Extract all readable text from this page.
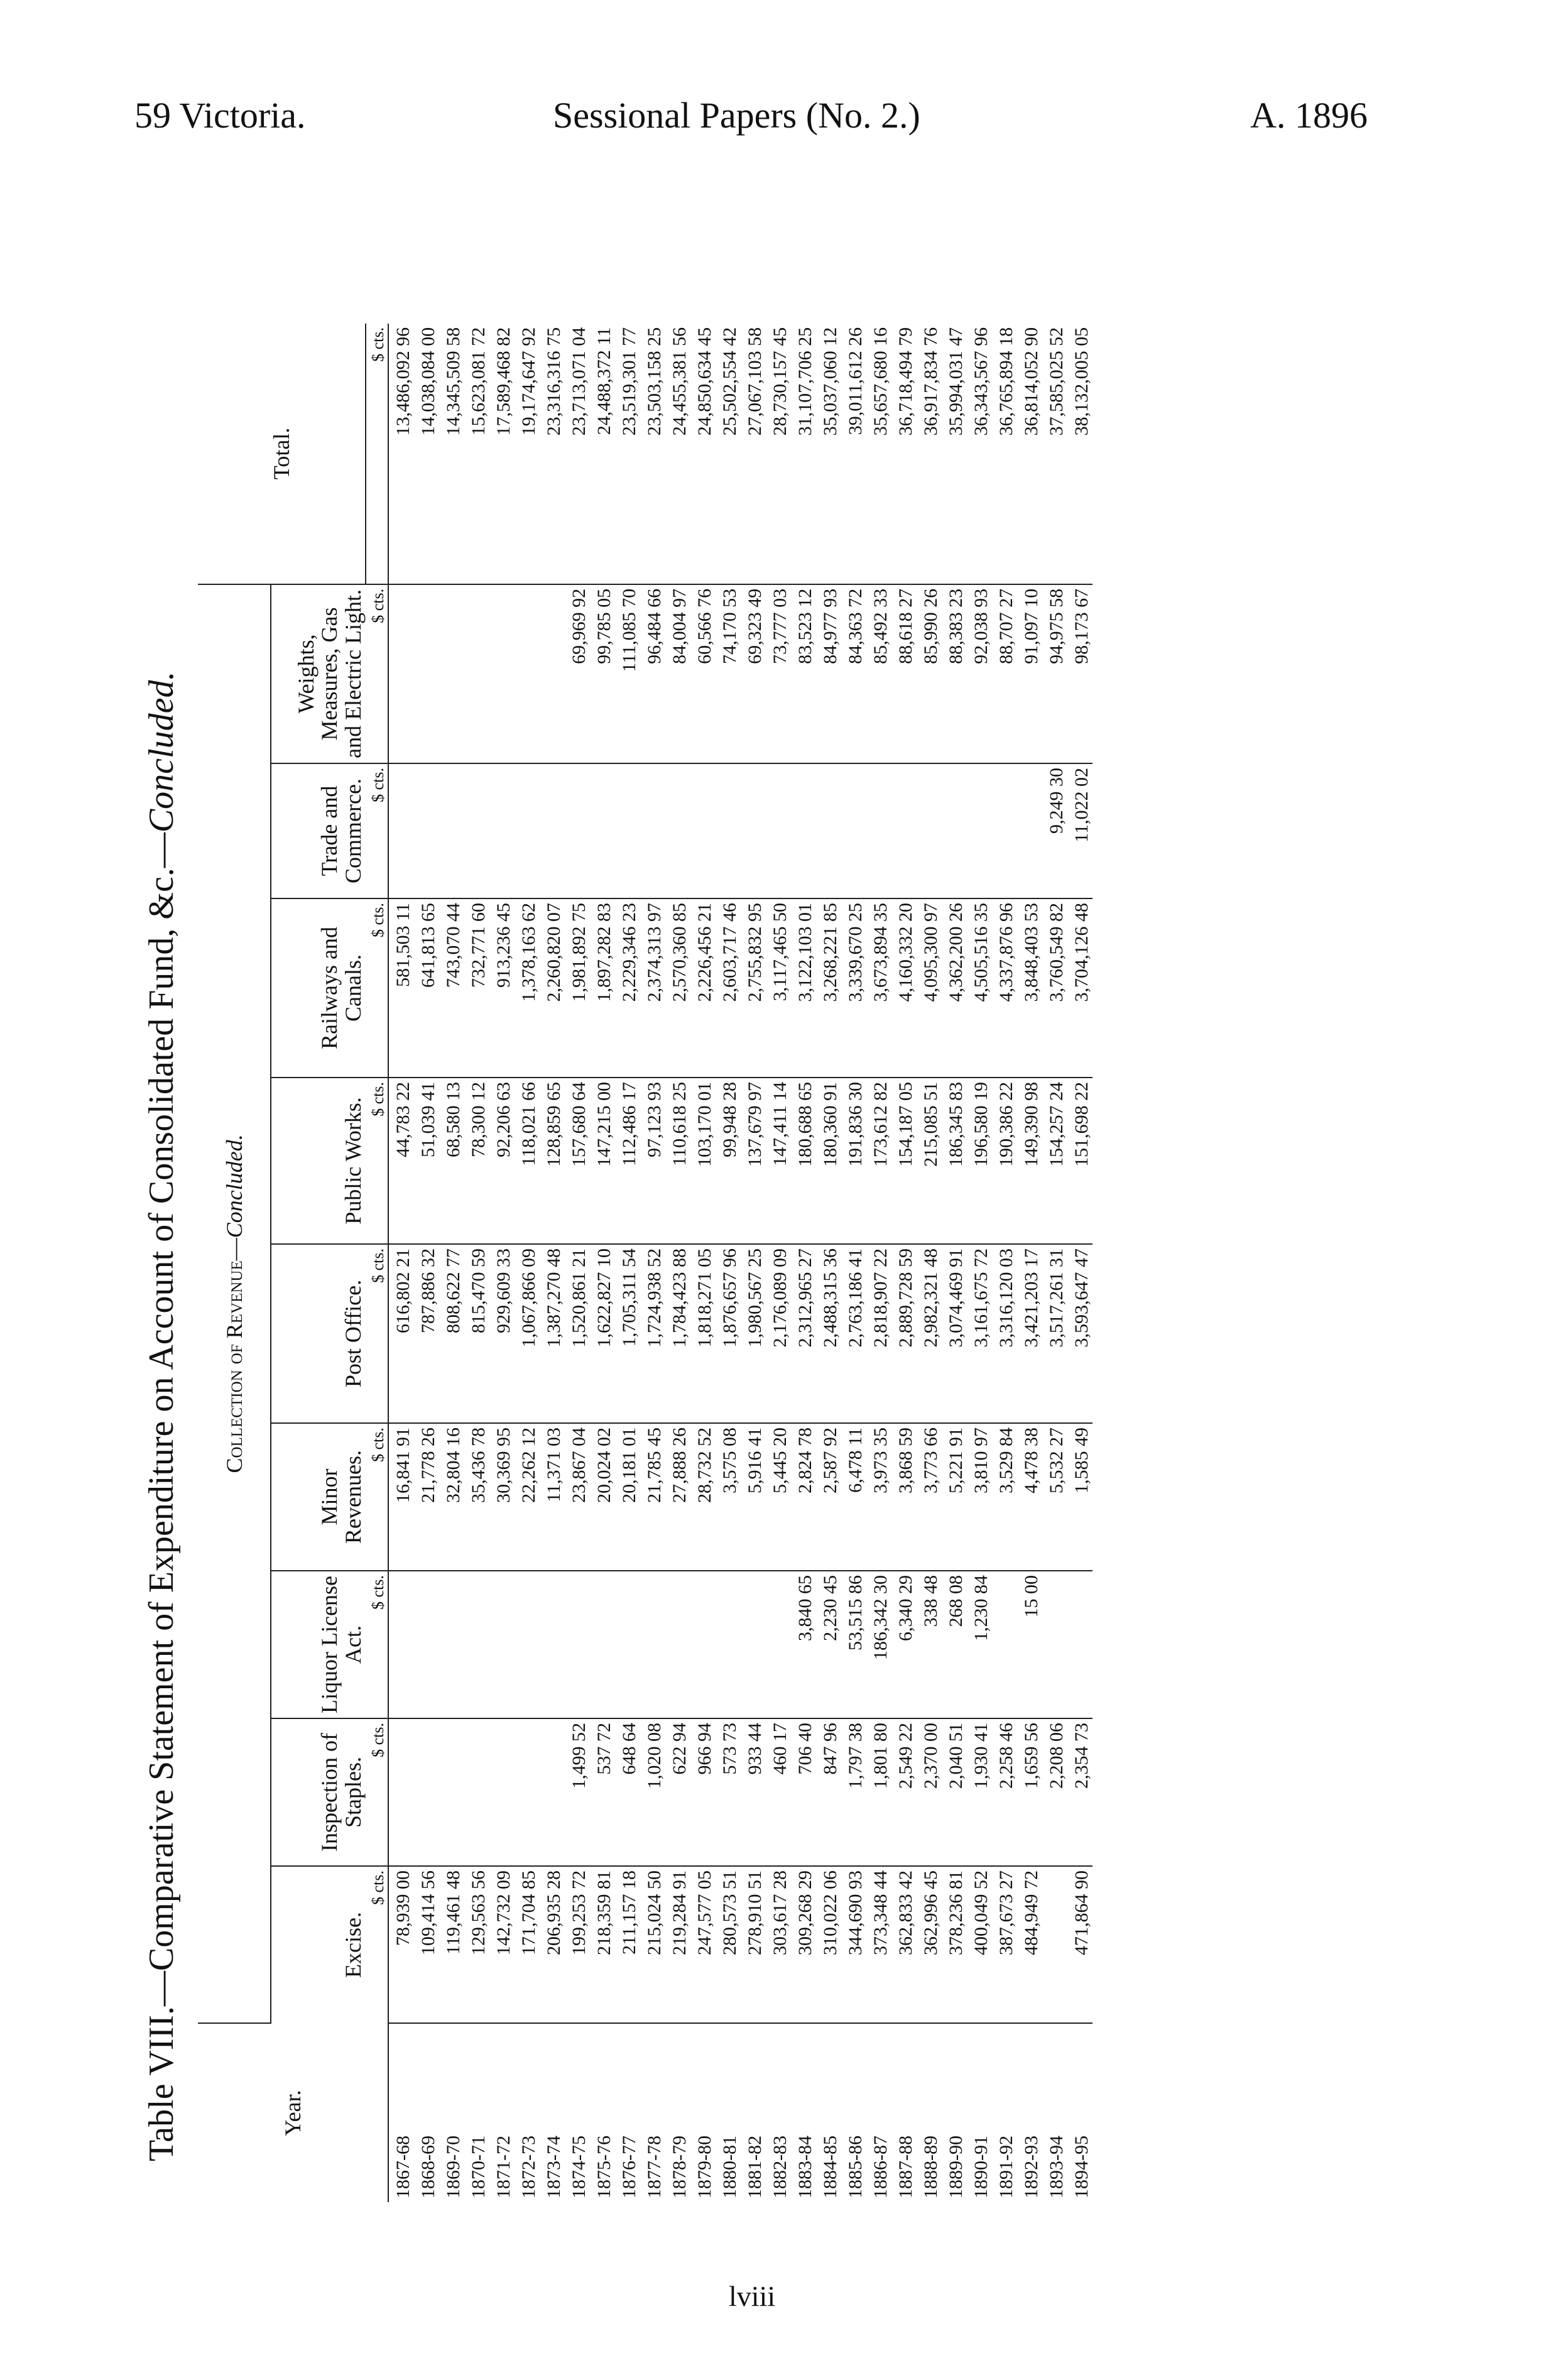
59 Victoria.	Sessional Papers (No. 2.)	A. 1896
Table VIII.—Comparative Statement of Expenditure on Account of Consolidated Fund, &c.—Concluded.
Year.	Collection of Revenue—Concluded.									Total.
	Excise.	Inspection of Staples.	Liquor License Act.	Minor Revenues.	Post Office.	Public Works.	Railways and Canals.	Trade and Commerce.	Weights, Measures, Gas and Electric Light.	
	$ cts.	$ cts.	$ cts.	$ cts.	$ cts.	$ cts.	$ cts.	$ cts.	$ cts.	$ cts.
1867-68	78,939 00			16,841 91	616,802 21	44,783 22	581,503 11			13,486,092 96
1868-69	109,414 56			21,778 26	787,886 32	51,039 41	641,813 65			14,038,084 00
1869-70	119,461 48			32,804 16	808,622 77	68,580 13	743,070 44			14,345,509 58
1870-71	129,563 56			35,436 78	815,470 59	78,300 12	732,771 60			15,623,081 72
1871-72	142,732 09			30,369 95	929,609 33	92,206 63	913,236 45			17,589,468 82
1872-73	171,704 85			22,262 12	1,067,866 09	118,021 66	1,378,163 62			19,174,647 92
1873-74	206,935 28			11,371 03	1,387,270 48	128,859 65	2,260,820 07			23,316,316 75
1874-75	199,253 72	1,499 52		23,867 04	1,520,861 21	157,680 64	1,981,892 75		69,969 92	23,713,071 04
1875-76	218,359 81	537 72		20,024 02	1,622,827 10	147,215 00	1,897,282 83		99,785 05	24,488,372 11
1876-77	211,157 18	648 64		20,181 01	1,705,311 54	112,486 17	2,229,346 23		111,085 70	23,519,301 77
1877-78	215,024 50	1,020 08		21,785 45	1,724,938 52	97,123 93	2,374,313 97		96,484 66	23,503,158 25
1878-79	219,284 91	622 94		27,888 26	1,784,423 88	110,618 25	2,570,360 85		84,004 97	24,455,381 56
1879-80	247,577 05	966 94		28,732 52	1,818,271 05	103,170 01	2,226,456 21		60,566 76	24,850,634 45
1880-81	280,573 51	573 73		3,575 08	1,876,657 96	99,948 28	2,603,717 46		74,170 53	25,502,554 42
1881-82	278,910 51	933 44		5,916 41	1,980,567 25	137,679 97	2,755,832 95		69,323 49	27,067,103 58
1882-83	303,617 28	460 17		5,445 20	2,176,089 09	147,411 14	3,117,465 50		73,777 03	28,730,157 45
1883-84	309,268 29	706 40	3,840 65	2,824 78	2,312,965 27	180,688 65	3,122,103 01		83,523 12	31,107,706 25
1884-85	310,022 06	847 96	2,230 45	2,587 92	2,488,315 36	180,360 91	3,268,221 85		84,977 93	35,037,060 12
1885-86	344,690 93	1,797 38	53,515 86	6,478 11	2,763,186 41	191,836 30	3,339,670 25		84,363 72	39,011,612 26
1886-87	373,348 44	1,801 80	186,342 30	3,973 35	2,818,907 22	173,612 82	3,673,894 35		85,492 33	35,657,680 16
1887-88	362,833 42	2,549 22	6,340 29	3,868 59	2,889,728 59	154,187 05	4,160,332 20		88,618 27	36,718,494 79
1888-89	362,996 45	2,370 00	338 48	3,773 66	2,982,321 48	215,085 51	4,095,300 97		85,990 26	36,917,834 76
1889-90	378,236 81	2,040 51	268 08	5,221 91	3,074,469 91	186,345 83	4,362,200 26		88,383 23	35,994,031 47
1890-91	400,049 52	1,930 41	1,230 84	3,810 97	3,161,675 72	196,580 19	4,505,516 35		92,038 93	36,343,567 96
1891-92	387,673 27	2,258 46		3,529 84	3,316,120 03	190,386 22	4,337,876 96		88,707 27	36,765,894 18
1892-93	484,949 72	1,659 56	15 00	4,478 38	3,421,203 17	149,390 98	3,848,403 53		91,097 10	36,814,052 90
1893-94		2,208 06		5,532 27	3,517,261 31	154,257 24	3,760,549 82	9,249 30	94,975 58	37,585,025 52
1894-95	471,864 90	2,354 73		1,585 49	3,593,647 47	151,698 22	3,704,126 48	11,022 02	98,173 67	38,132,005 05
lviii
